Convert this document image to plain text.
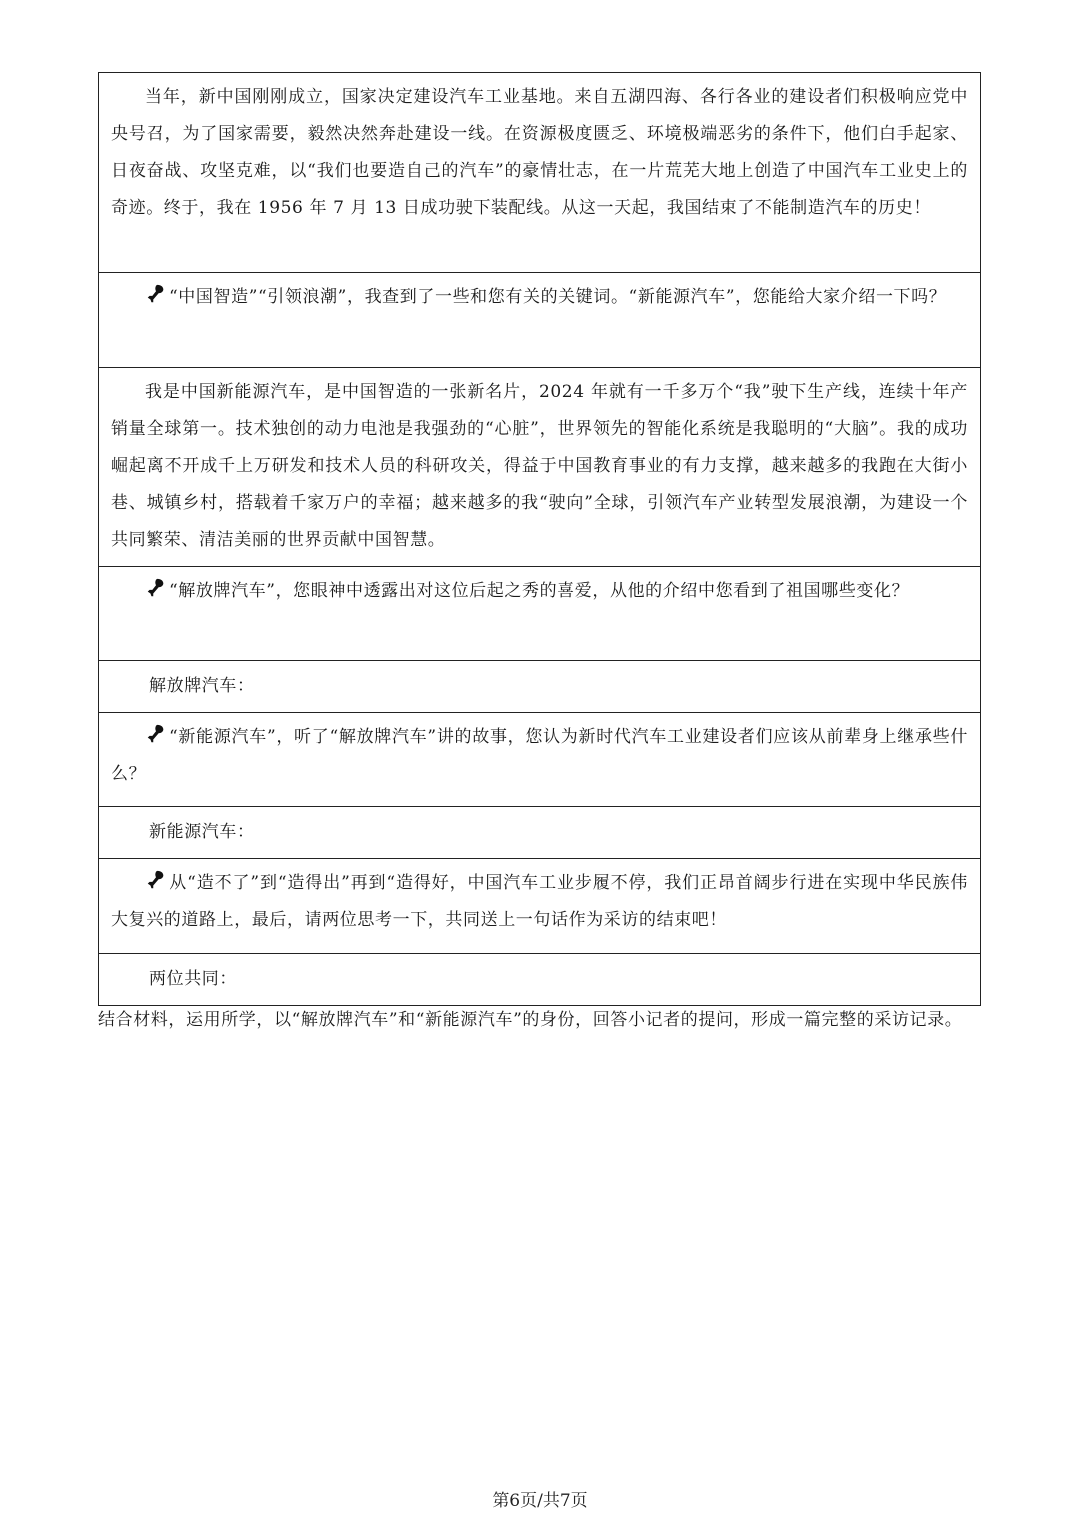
当年，新中国刚刚成立，国家决定建设汽车工业基地。来自五湖四海、各行各业的建设者们积极响应党中央号召，为了国家需要，毅然决然奔赴建设一线。在资源极度匮乏、环境极端恶劣的条件下，他们白手起家、日夜奋战、攻坚克难，以“我们也要造自己的汽车”的豪情壮志，在一片荒芜大地上创造了中国汽车工业史上的奇迹。终于，我在 1956 年 7 月 13 日成功驶下装配线。从这一天起，我国结束了不能制造汽车的历史！

“中国智造”“引领浪潮”，我查到了一些和您有关的关键词。“新能源汽车”，您能给大家介绍一下吗？

我是中国新能源汽车，是中国智造的一张新名片，2024 年就有一千多万个“我”驶下生产线，连续十年产销量全球第一。技术独创的动力电池是我强劲的“心脏”，世界领先的智能化系统是我聪明的“大脑”。我的成功崛起离不开成千上万研发和技术人员的科研攻关，得益于中国教育事业的有力支撑，越来越多的我跑在大街小巷、城镇乡村，搭载着千家万户的幸福；越来越多的我“驶向”全球，引领汽车产业转型发展浪潮，为建设一个共同繁荣、清洁美丽的世界贡献中国智慧。

“解放牌汽车”，您眼神中透露出对这位后起之秀的喜爱，从他的介绍中您看到了祖国哪些变化？

解放牌汽车：

“新能源汽车”，听了“解放牌汽车”讲的故事，您认为新时代汽车工业建设者们应该从前辈身上继承些什么？

新能源汽车：

从“造不了”到“造得出”再到“造得好，中国汽车工业步履不停，我们正昂首阔步行进在实现中华民族伟大复兴的道路上，最后，请两位思考一下，共同送上一句话作为采访的结束吧！

两位共同：

结合材料，运用所学，以“解放牌汽车”和“新能源汽车”的身份，回答小记者的提问，形成一篇完整的采访记录。

第6页/共7页
